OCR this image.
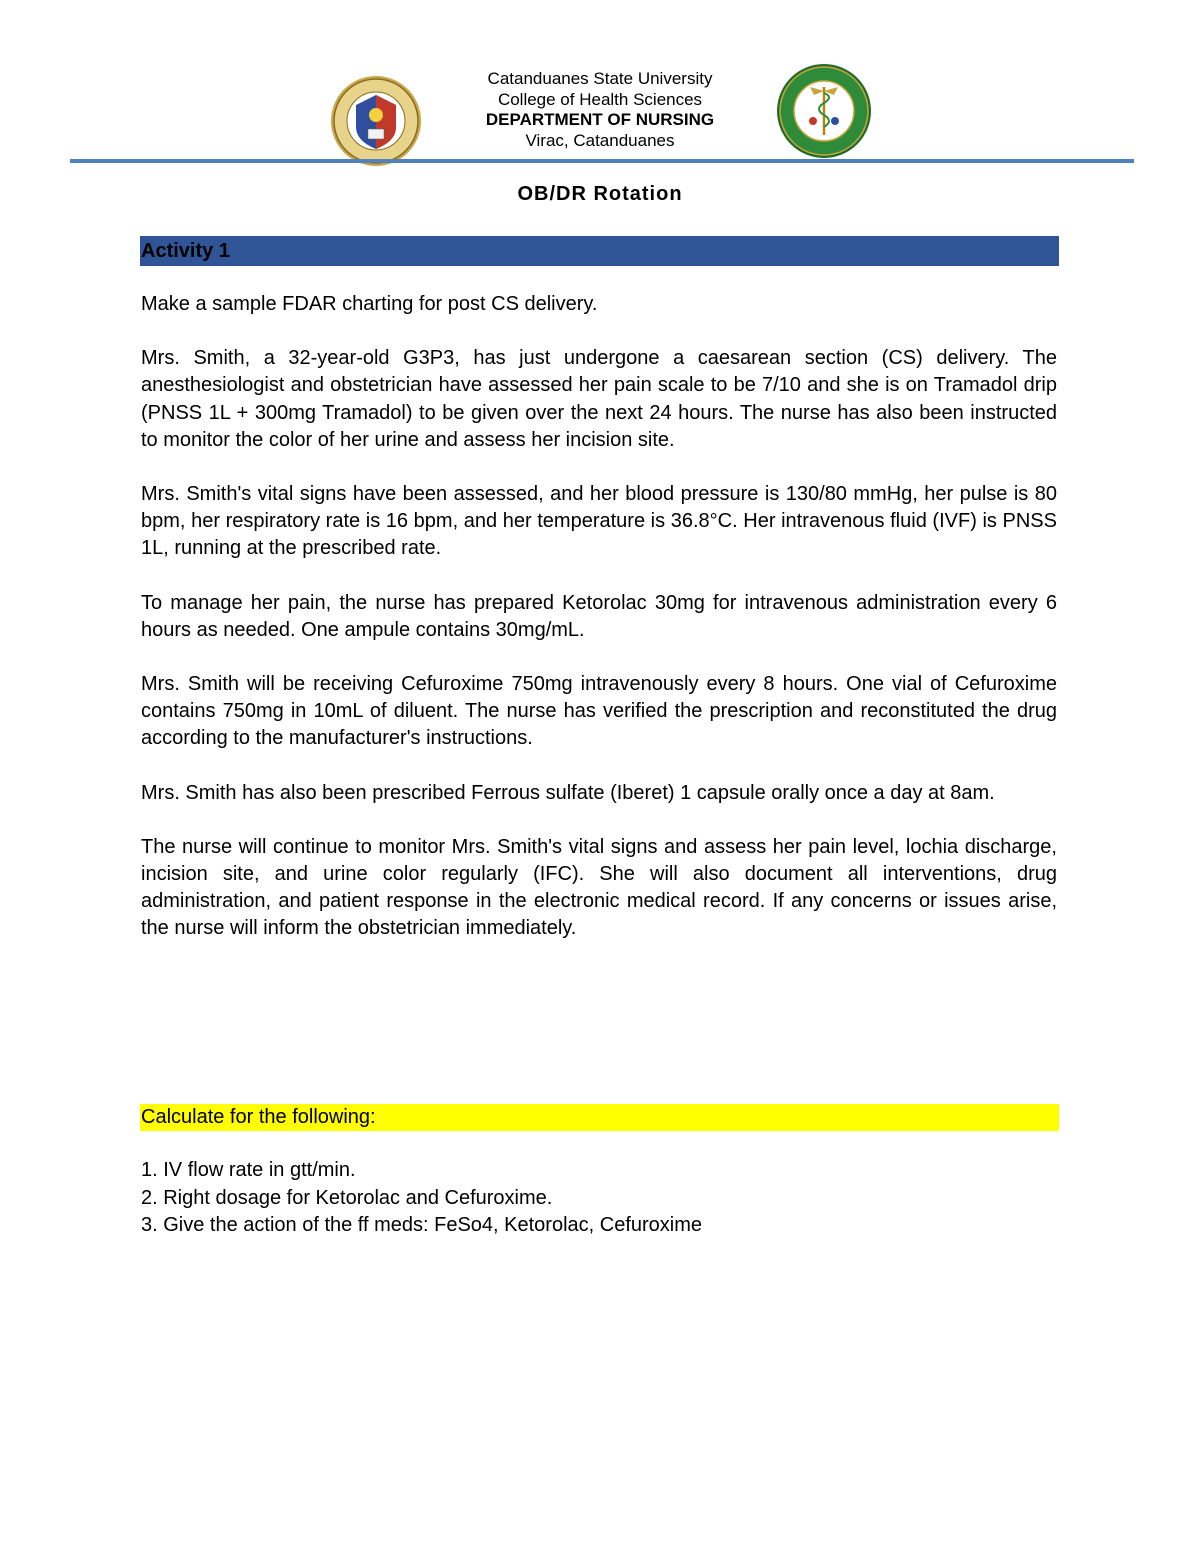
Catanduanes State University
College of Health Sciences
DEPARTMENT OF NURSING
Virac, Catanduanes
OB/DR Rotation
Activity 1

Make a sample FDAR charting for post CS delivery.

Mrs. Smith, a 32-year-old G3P3, has just undergone a caesarean section (CS) delivery. The anesthesiologist and obstetrician have assessed her pain scale to be 7/10 and she is on Tramadol drip (PNSS 1L + 300mg Tramadol) to be given over the next 24 hours. The nurse has also been instructed to monitor the color of her urine and assess her incision site.

Mrs. Smith's vital signs have been assessed, and her blood pressure is 130/80 mmHg, her pulse is 80 bpm, her respiratory rate is 16 bpm, and her temperature is 36.8°C. Her intravenous fluid (IVF) is PNSS 1L, running at the prescribed rate.

To manage her pain, the nurse has prepared Ketorolac 30mg for intravenous administration every 6 hours as needed. One ampule contains 30mg/mL.

Mrs. Smith will be receiving Cefuroxime 750mg intravenously every 8 hours. One vial of Cefuroxime contains 750mg in 10mL of diluent. The nurse has verified the prescription and reconstituted the drug according to the manufacturer's instructions.

Mrs. Smith has also been prescribed Ferrous sulfate (Iberet) 1 capsule orally once a day at 8am.

The nurse will continue to monitor Mrs. Smith's vital signs and assess her pain level, lochia discharge, incision site, and urine color regularly (IFC). She will also document all interventions, drug administration, and patient response in the electronic medical record. If any concerns or issues arise, the nurse will inform the obstetrician immediately.

Calculate for the following:
1. IV flow rate in gtt/min.
2. Right dosage for Ketorolac and Cefuroxime.
3. Give the action of the ff meds: FeSo4, Ketorolac, Cefuroxime
